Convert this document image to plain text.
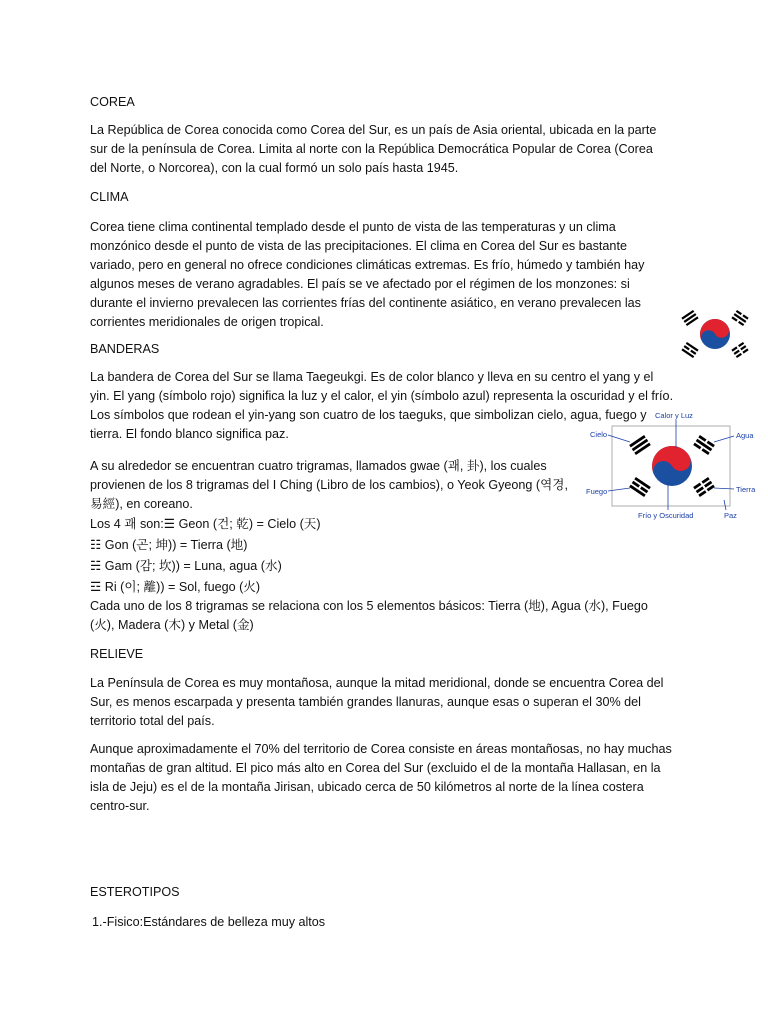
COREA

La República de Corea conocida como Corea del Sur, es un país de Asia oriental, ubicada en la parte sur de la península de Corea. Limita al norte con la República Democrática Popular de Corea (Corea del Norte, o Norcorea), con la cual formó un solo país hasta 1945.

CLIMA

Corea tiene clima continental templado desde el punto de vista de las temperaturas y un clima monzónico desde el punto de vista de las precipitaciones. El clima en Corea del Sur es bastante variado, pero en general no ofrece condiciones climáticas extremas. Es frío, húmedo y también hay algunos meses de verano agradables. El país se ve afectado por el régimen de los monzones: si durante el invierno prevalecen las corrientes frías del continente asiático, en verano prevalecen las corrientes meridionales de origen tropical.

BANDERAS

La bandera de Corea del Sur se llama Taegeukgi. Es de color blanco y lleva en su centro el yang y el yin. El yang (símbolo rojo) significa la luz y el calor, el yin (símbolo azul) representa la oscuridad y el frío. Los símbolos que rodean el yin-yang son cuatro de los taeguks, que simbolizan cielo, agua, fuego y tierra. El fondo blanco significa paz.

A su alrededor se encuentran cuatro trigramas, llamados gwae (괘, 卦), los cuales provienen de los 8 trigramas del I Ching (Libro de los cambios), o Yeok Gyeong (역경, 易經), en coreano.

Los 4 괘 son:☰ Geon (건; 乾) = Cielo (天)

☷ Gon (곤; 坤)) = Tierra (地)

☵ Gam (감; 坎)) = Luna, agua (水)

☲ Ri (이; 離)) = Sol, fuego (火)

Cada uno de los 8 trigramas se relaciona con los 5 elementos básicos: Tierra (地), Agua (水), Fuego (火), Madera (木) y Metal (金)

RELIEVE

La Península de Corea es muy montañosa, aunque la mitad meridional, donde se encuentra Corea del Sur, es menos escarpada y presenta también grandes llanuras, aunque esas o superan el 30% del territorio total del país.

Aunque aproximadamente el 70% del territorio de Corea consiste en áreas montañosas, no hay muchas montañas de gran altitud. El pico más alto en Corea del Sur (excluido el de la montaña Hallasan, en la isla de Jeju) es el de la montaña Jirisan, ubicado cerca de 50 kilómetros al norte de la línea costera centro-sur.

ESTEROTIPOS

1.-Fisico:Estándares de belleza muy altos

Calor y Luz
Cielo	Agua
Fuego	Tierra
Frío y Oscuridad	Paz
